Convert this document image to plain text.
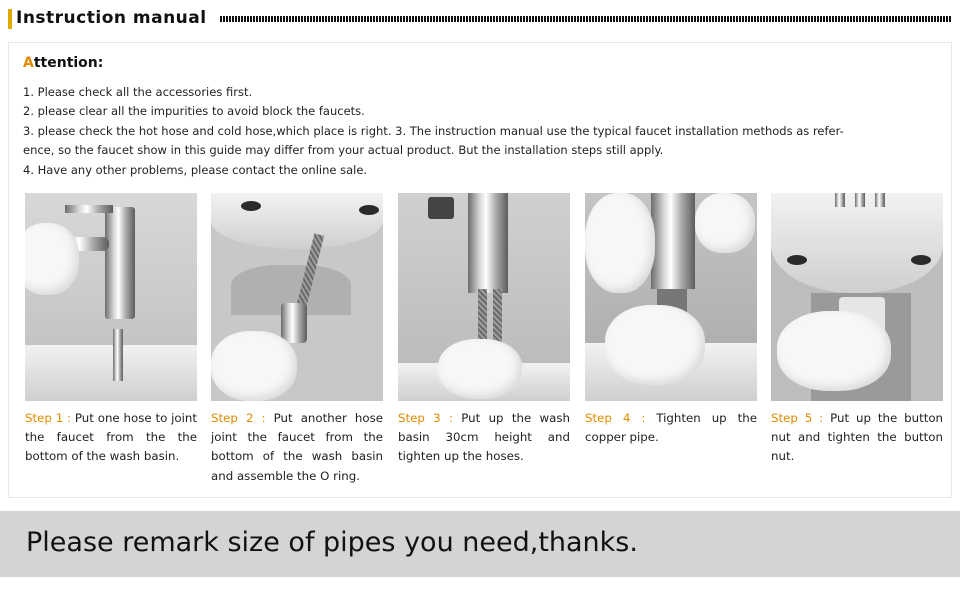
Instruction manual
Attention:
1. Please check all the accessories first.
2. please clear all the impurities to avoid block the faucets.
3. please check the hot hose and cold hose,which place is right. 3. The instruction manual use the typical faucet installation methods as refer-
ence, so the faucet show in this guide may differ from your actual product. But the installation steps still apply.
4. Have any other problems, please contact the online sale.
Step 1 : Put one hose to joint the faucet from the the bottom of the wash basin.
Step 2 : Put another hose joint the faucet from the bottom of the wash basin and assemble the O ring.
Step 3 : Put up the wash basin 30cm height and tighten up the hoses.
Step 4 : Tighten up the copper pipe.
Step 5 : Put up the button nut and tighten the button nut.
Please remark size of pipes you need,thanks.
